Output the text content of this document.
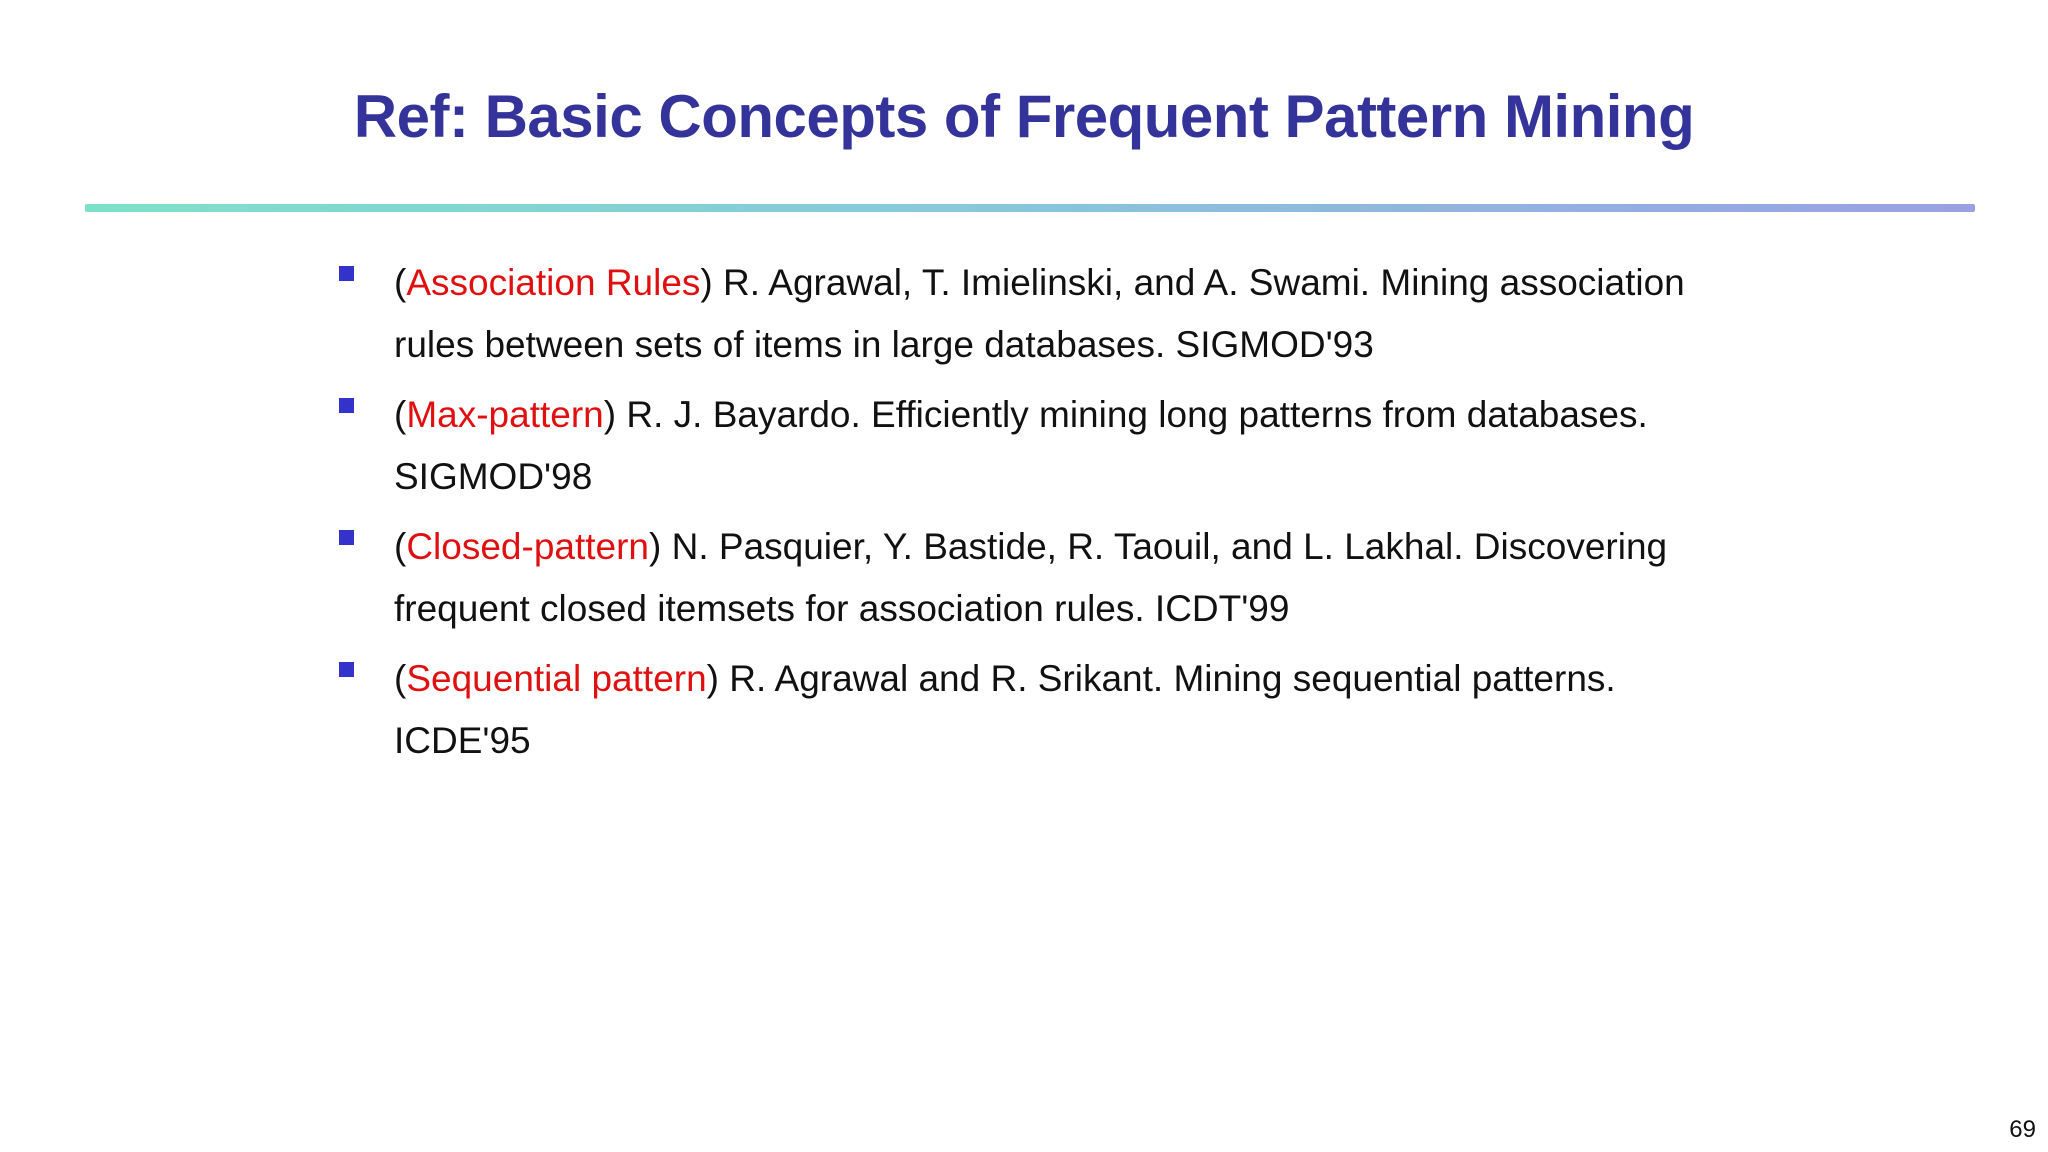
Ref: Basic Concepts of Frequent Pattern Mining
(Association Rules) R. Agrawal, T. Imielinski, and A. Swami. Mining association rules between sets of items in large databases. SIGMOD'93
(Max-pattern) R. J. Bayardo. Efficiently mining long patterns from databases. SIGMOD'98
(Closed-pattern) N. Pasquier, Y. Bastide, R. Taouil, and L. Lakhal. Discovering frequent closed itemsets for association rules. ICDT'99
(Sequential pattern) R. Agrawal and R. Srikant. Mining sequential patterns. ICDE'95
69
